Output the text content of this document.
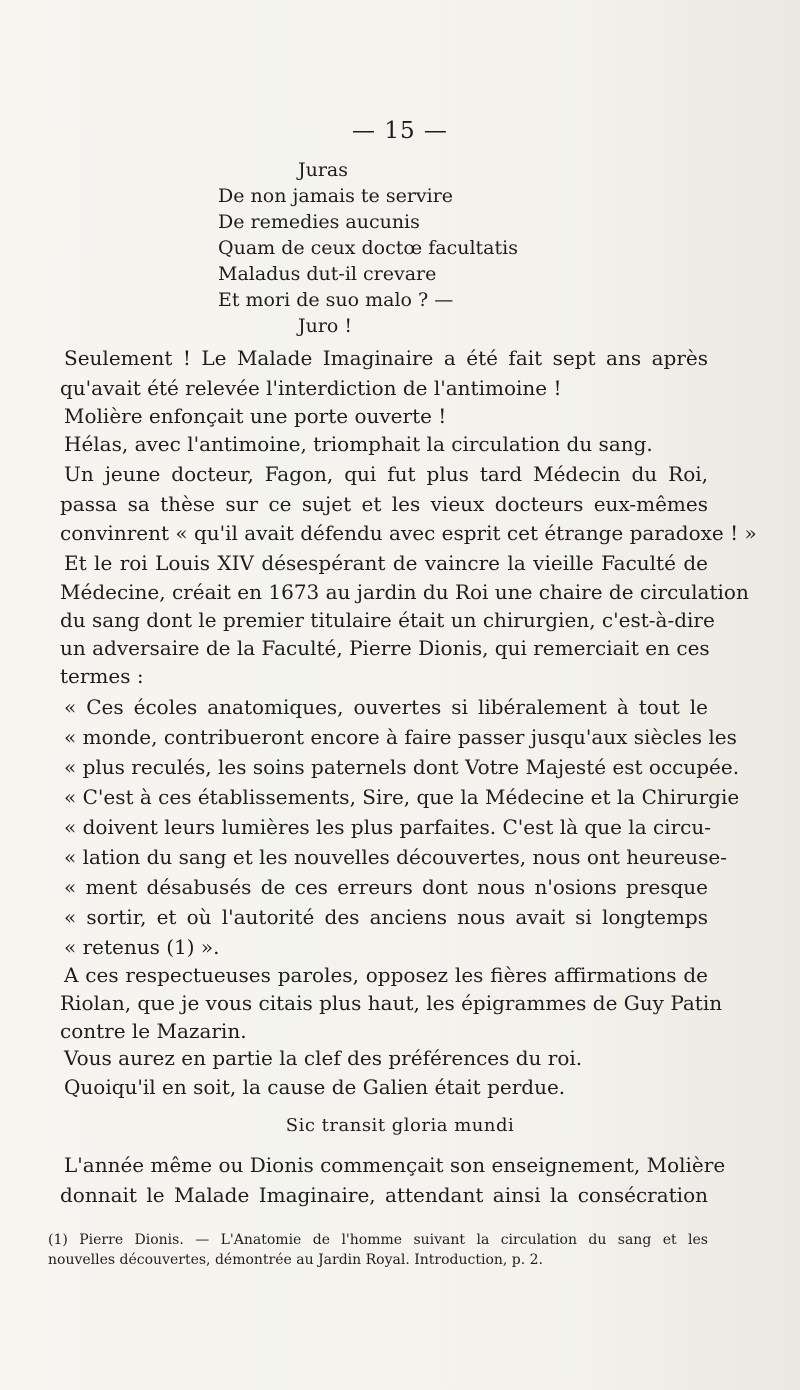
— 15 —
Juras
De non jamais te servire
De remedies aucunis
Quam de ceux doctœ facultatis
Maladus dut-il crevare
Et mori de suo malo ? —
Juro !
Seulement ! Le Malade Imaginaire a été fait sept ans après
qu'avait été relevée l'interdiction de l'antimoine !
Molière enfonçait une porte ouverte !
Hélas, avec l'antimoine, triomphait la circulation du sang.
Un jeune docteur, Fagon, qui fut plus tard Médecin du Roi,
passa sa thèse sur ce sujet et les vieux docteurs eux-mêmes
convinrent « qu'il avait défendu avec esprit cet étrange paradoxe ! »
Et le roi Louis XIV désespérant de vaincre la vieille Faculté de
Médecine, créait en 1673 au jardin du Roi une chaire de circulation
du sang dont le premier titulaire était un chirurgien, c'est-à-dire
un adversaire de la Faculté, Pierre Dionis, qui remerciait en ces
termes :
« Ces écoles anatomiques, ouvertes si libéralement à tout le
« monde, contribueront encore à faire passer jusqu'aux siècles les
« plus reculés, les soins paternels dont Votre Majesté est occupée.
« C'est à ces établissements, Sire, que la Médecine et la Chirurgie
« doivent leurs lumières les plus parfaites. C'est là que la circu-
« lation du sang et les nouvelles découvertes, nous ont heureuse-
« ment désabusés de ces erreurs dont nous n'osions presque
« sortir, et où l'autorité des anciens nous avait si longtemps
« retenus (1) ».
A ces respectueuses paroles, opposez les fières affirmations de
Riolan, que je vous citais plus haut, les épigrammes de Guy Patin
contre le Mazarin.
Vous aurez en partie la clef des préférences du roi.
Quoiqu'il en soit, la cause de Galien était perdue.
Sic transit gloria mundi
L'année même ou Dionis commençait son enseignement, Molière
donnait le Malade Imaginaire, attendant ainsi la consécration
(1) Pierre Dionis. — L'Anatomie de l'homme suivant la circulation du sang et les
nouvelles découvertes, démontrée au Jardin Royal. Introduction, p. 2.
